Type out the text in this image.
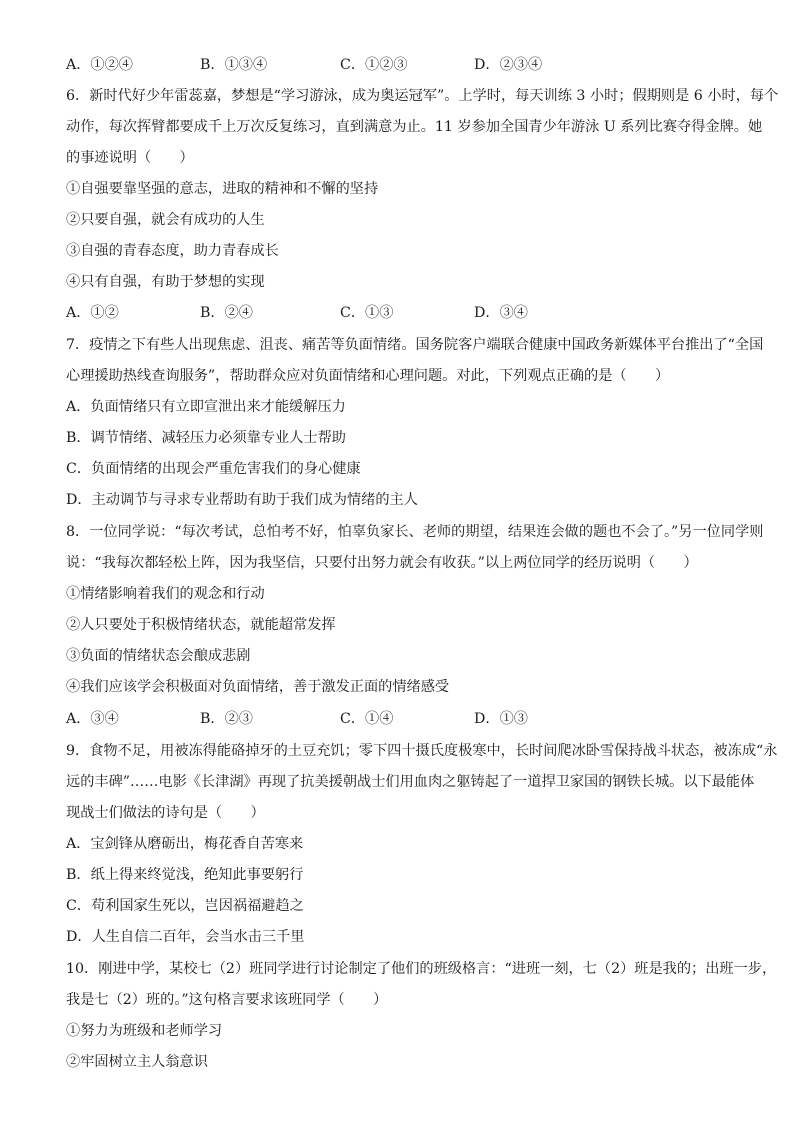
A．①②④	B．①③④	C．①②③	D．②③④
6．新时代好少年雷蕊嘉，梦想是“学习游泳，成为奥运冠军”。上学时，每天训练 3 小时；假期则是 6 小时，每个
动作，每次挥臂都要成千上万次反复练习，直到满意为止。11 岁参加全国青少年游泳 U 系列比赛夺得金牌。她
的事迹说明（　　）
①自强要靠坚强的意志，进取的精神和不懈的坚持
②只要自强，就会有成功的人生
③自强的青春态度，助力青春成长
④只有自强，有助于梦想的实现
A．①②	B．②④	C．①③	D．③④
7．疫情之下有些人出现焦虑、沮丧、痛苦等负面情绪。国务院客户端联合健康中国政务新媒体平台推出了“全国
心理援助热线查询服务”，帮助群众应对负面情绪和心理问题。对此，下列观点正确的是（　　）
A．负面情绪只有立即宣泄出来才能缓解压力
B．调节情绪、减轻压力必须靠专业人士帮助
C．负面情绪的出现会严重危害我们的身心健康
D．主动调节与寻求专业帮助有助于我们成为情绪的主人
8．一位同学说：“每次考试，总怕考不好，怕辜负家长、老师的期望，结果连会做的题也不会了。”另一位同学则
说：“我每次都轻松上阵，因为我坚信，只要付出努力就会有收获。”以上两位同学的经历说明（　　）
①情绪影响着我们的观念和行动
②人只要处于积极情绪状态，就能超常发挥
③负面的情绪状态会酿成悲剧
④我们应该学会积极面对负面情绪，善于激发正面的情绪感受
A．③④	B．②③	C．①④	D．①③
9．食物不足，用被冻得能硌掉牙的土豆充饥；零下四十摄氏度极寒中，长时间爬冰卧雪保持战斗状态，被冻成“永
远的丰碑”……电影《长津湖》再现了抗美援朝战士们用血肉之躯铸起了一道捍卫家国的钢铁长城。以下最能体
现战士们做法的诗句是（　　）
A．宝剑锋从磨砺出，梅花香自苦寒来
B．纸上得来终觉浅，绝知此事要躬行
C．苟利国家生死以，岂因祸福避趋之
D．人生自信二百年，会当水击三千里
10．刚进中学，某校七（2）班同学进行讨论制定了他们的班级格言：“进班一刻，七（2）班是我的；出班一步，
我是七（2）班的。”这句格言要求该班同学（　　）
①努力为班级和老师学习
②牢固树立主人翁意识
